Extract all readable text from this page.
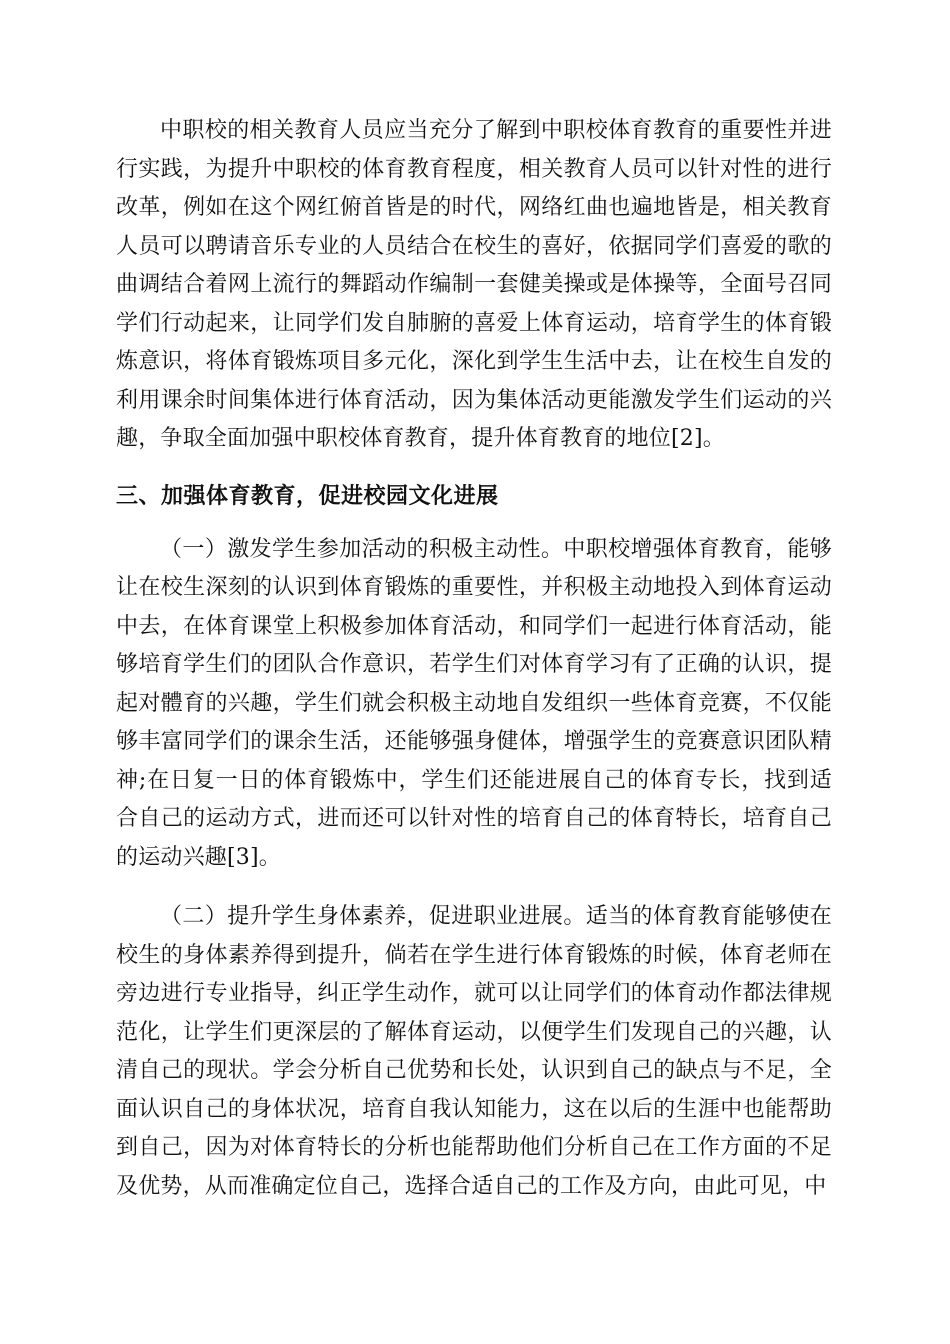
中职校的相关教育人员应当充分了解到中职校体育教育的重要性并进行实践，为提升中职校的体育教育程度，相关教育人员可以针对性的进行改革，例如在这个网红俯首皆是的时代，网络红曲也遍地皆是，相关教育人员可以聘请音乐专业的人员结合在校生的喜好，依据同学们喜爱的歌的曲调结合着网上流行的舞蹈动作编制一套健美操或是体操等，全面号召同学们行动起来，让同学们发自肺腑的喜爱上体育运动，培育学生的体育锻炼意识，将体育锻炼项目多元化，深化到学生生活中去，让在校生自发的利用课余时间集体进行体育活动，因为集体活动更能激发学生们运动的兴趣，争取全面加强中职校体育教育，提升体育教育的地位[2]。

三、加强体育教育，促进校园文化进展

（一）激发学生参加活动的积极主动性。中职校增强体育教育，能够让在校生深刻的认识到体育锻炼的重要性，并积极主动地投入到体育运动中去，在体育课堂上积极参加体育活动，和同学们一起进行体育活动，能够培育学生们的团队合作意识，若学生们对体育学习有了正确的认识，提起对體育的兴趣，学生们就会积极主动地自发组织一些体育竞赛，不仅能够丰富同学们的课余生活，还能够强身健体，增强学生的竞赛意识团队精神;在日复一日的体育锻炼中，学生们还能进展自己的体育专长，找到适合自己的运动方式，进而还可以针对性的培育自己的体育特长，培育自己的运动兴趣[3]。

（二）提升学生身体素养，促进职业进展。适当的体育教育能够使在校生的身体素养得到提升，倘若在学生进行体育锻炼的时候，体育老师在旁边进行专业指导，纠正学生动作，就可以让同学们的体育动作都法律规范化，让学生们更深层的了解体育运动，以便学生们发现自己的兴趣，认清自己的现状。学会分析自己优势和长处，认识到自己的缺点与不足，全面认识自己的身体状况，培育自我认知能力，这在以后的生涯中也能帮助到自己，因为对体育特长的分析也能帮助他们分析自己在工作方面的不足及优势，从而准确定位自己，选择合适自己的工作及方向，由此可见，中
